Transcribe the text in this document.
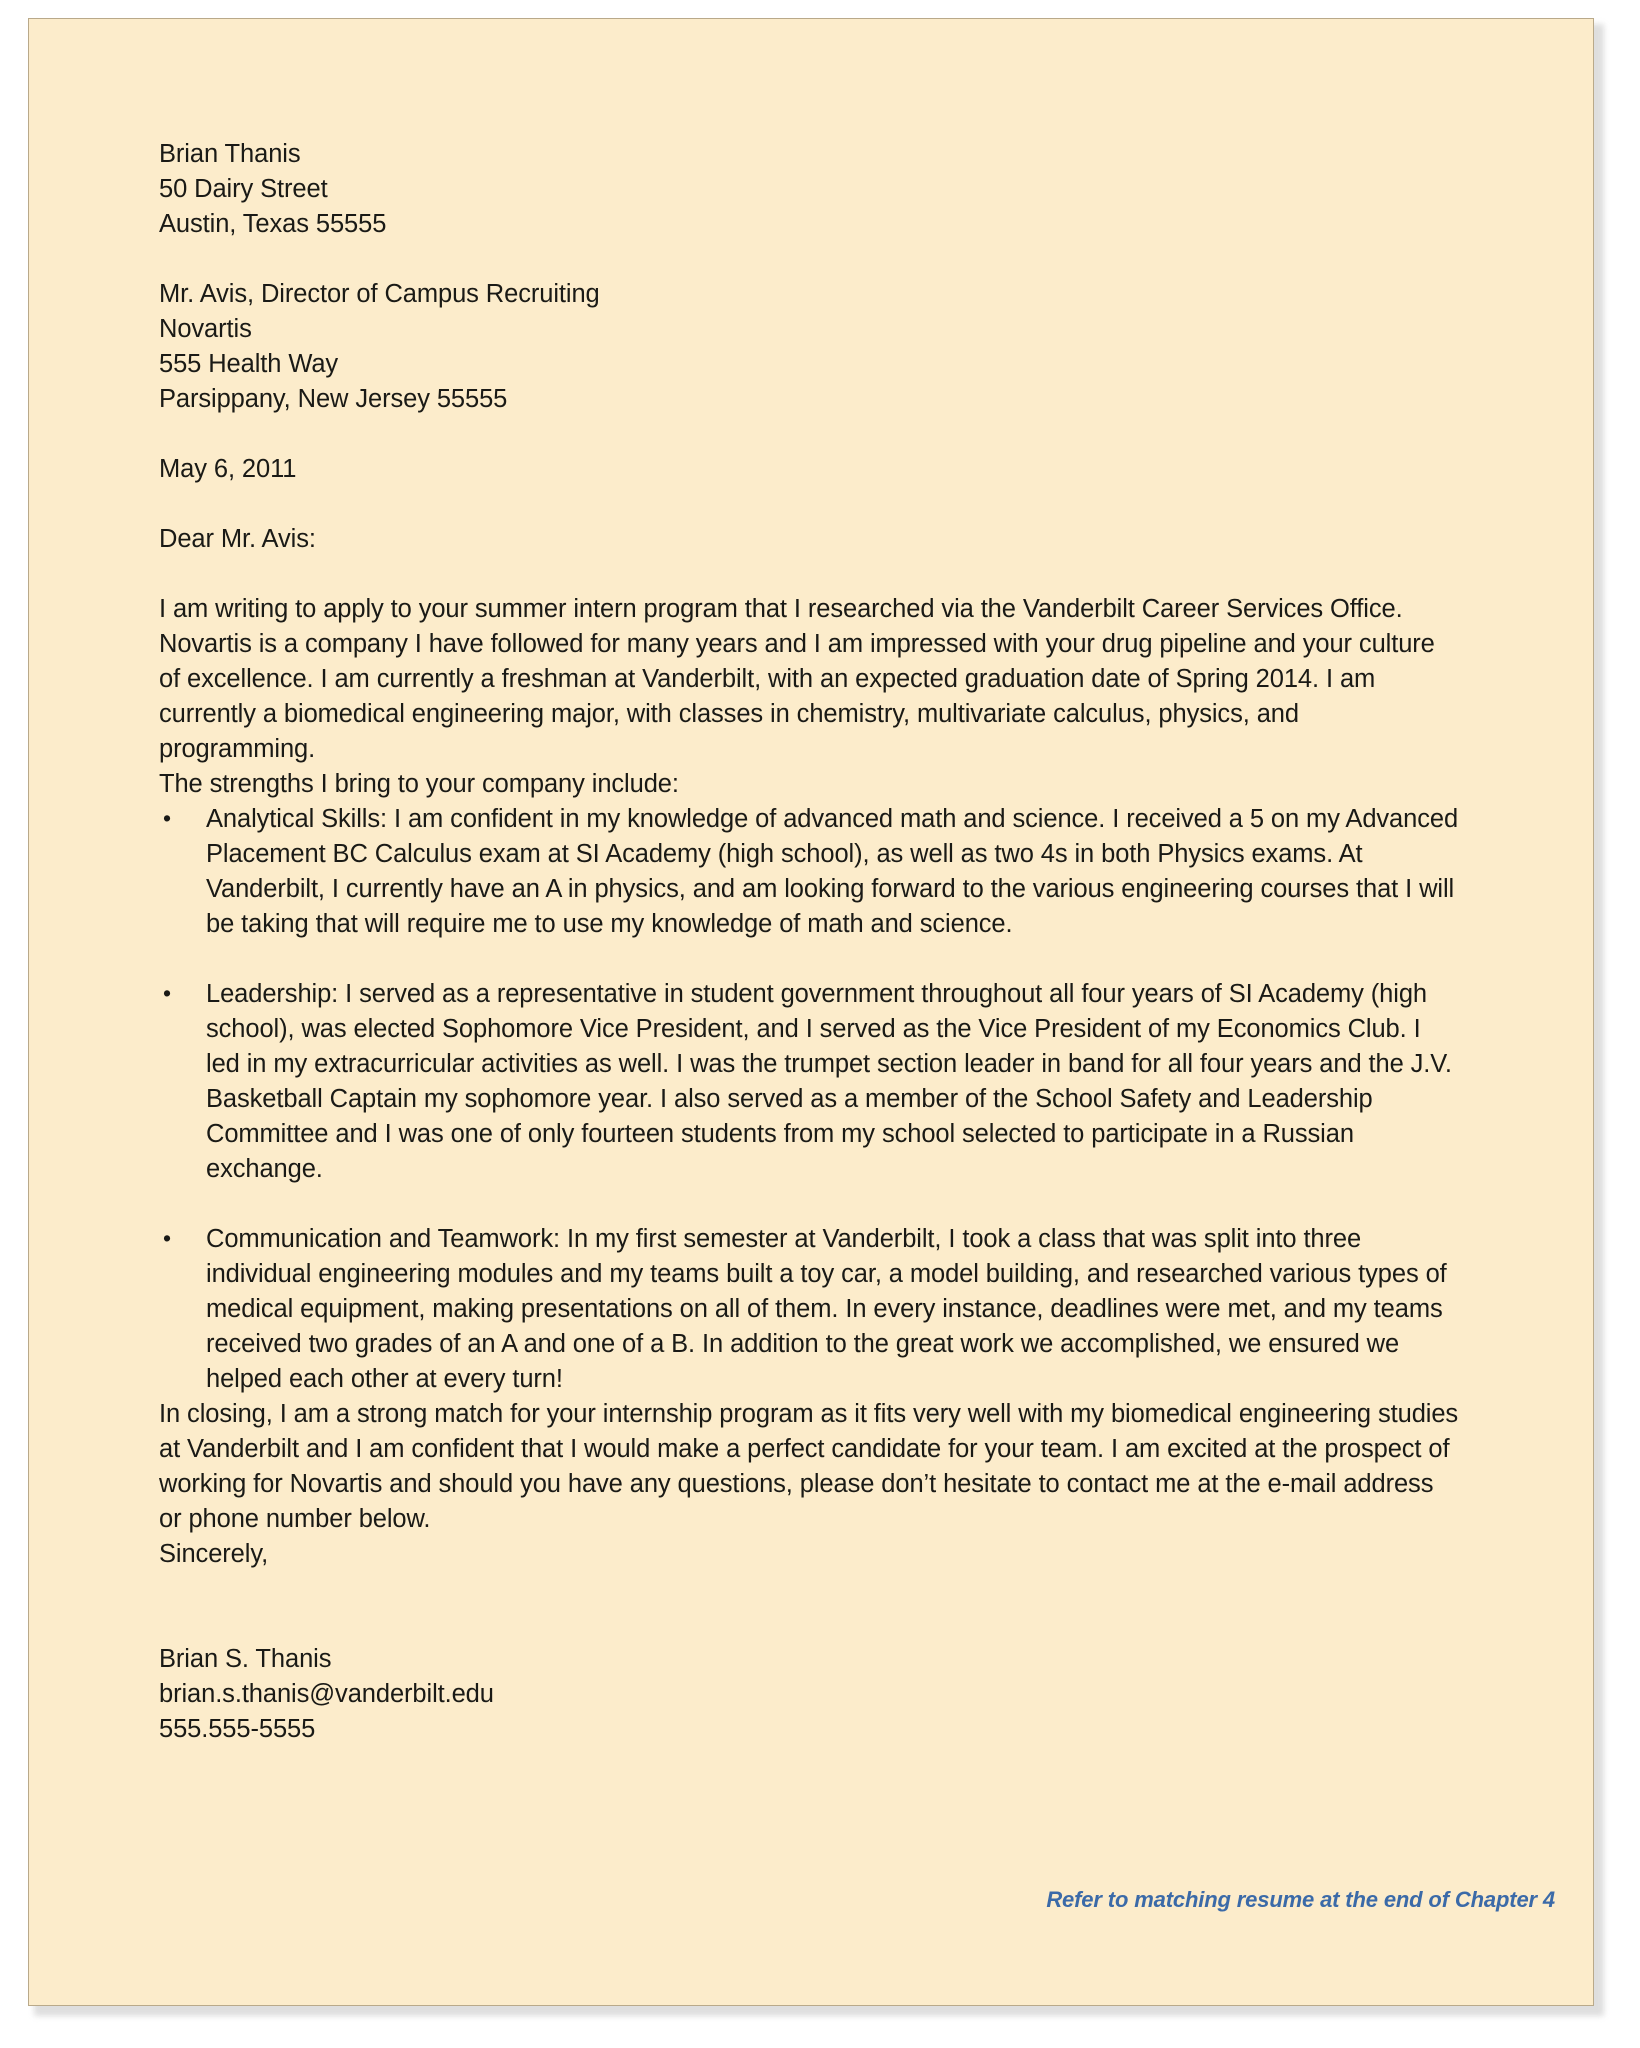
Brian Thanis
50 Dairy Street
Austin, Texas 55555
Mr. Avis, Director of Campus Recruiting
Novartis
555 Health Way
Parsippany, New Jersey 55555
May 6, 2011
Dear Mr. Avis:

I am writing to apply to your summer intern program that I researched via the Vanderbilt Career Services Office. Novartis is a company I have followed for many years and I am impressed with your drug pipeline and your culture of excellence. I am currently a freshman at Vanderbilt, with an expected graduation date of Spring 2014. I am currently a biomedical engineering major, with classes in chemistry, multivariate calculus, physics, and programming.

The strengths I bring to your company include:

• Analytical Skills: I am confident in my knowledge of advanced math and science. I received a 5 on my Advanced Placement BC Calculus exam at SI Academy (high school), as well as two 4s in both Physics exams. At Vanderbilt, I currently have an A in physics, and am looking forward to the various engineering courses that I will be taking that will require me to use my knowledge of math and science.
• Leadership: I served as a representative in student government throughout all four years of SI Academy (high school), was elected Sophomore Vice President, and I served as the Vice President of my Economics Club. I led in my extracurricular activities as well. I was the trumpet section leader in band for all four years and the J.V. Basketball Captain my sophomore year. I also served as a member of the School Safety and Leadership Committee and I was one of only fourteen students from my school selected to participate in a Russian exchange.
• Communication and Teamwork: In my first semester at Vanderbilt, I took a class that was split into three individual engineering modules and my teams built a toy car, a model building, and researched various types of medical equipment, making presentations on all of them. In every instance, deadlines were met, and my teams received two grades of an A and one of a B. In addition to the great work we accomplished, we ensured we helped each other at every turn!

In closing, I am a strong match for your internship program as it fits very well with my biomedical engineering studies at Vanderbilt and I am confident that I would make a perfect candidate for your team. I am excited at the prospect of working for Novartis and should you have any questions, please don’t hesitate to contact me at the e-mail address or phone number below.

Sincerely,
Brian S. Thanis
brian.s.thanis@vanderbilt.edu
555.555-5555
Refer to matching resume at the end of Chapter 4
